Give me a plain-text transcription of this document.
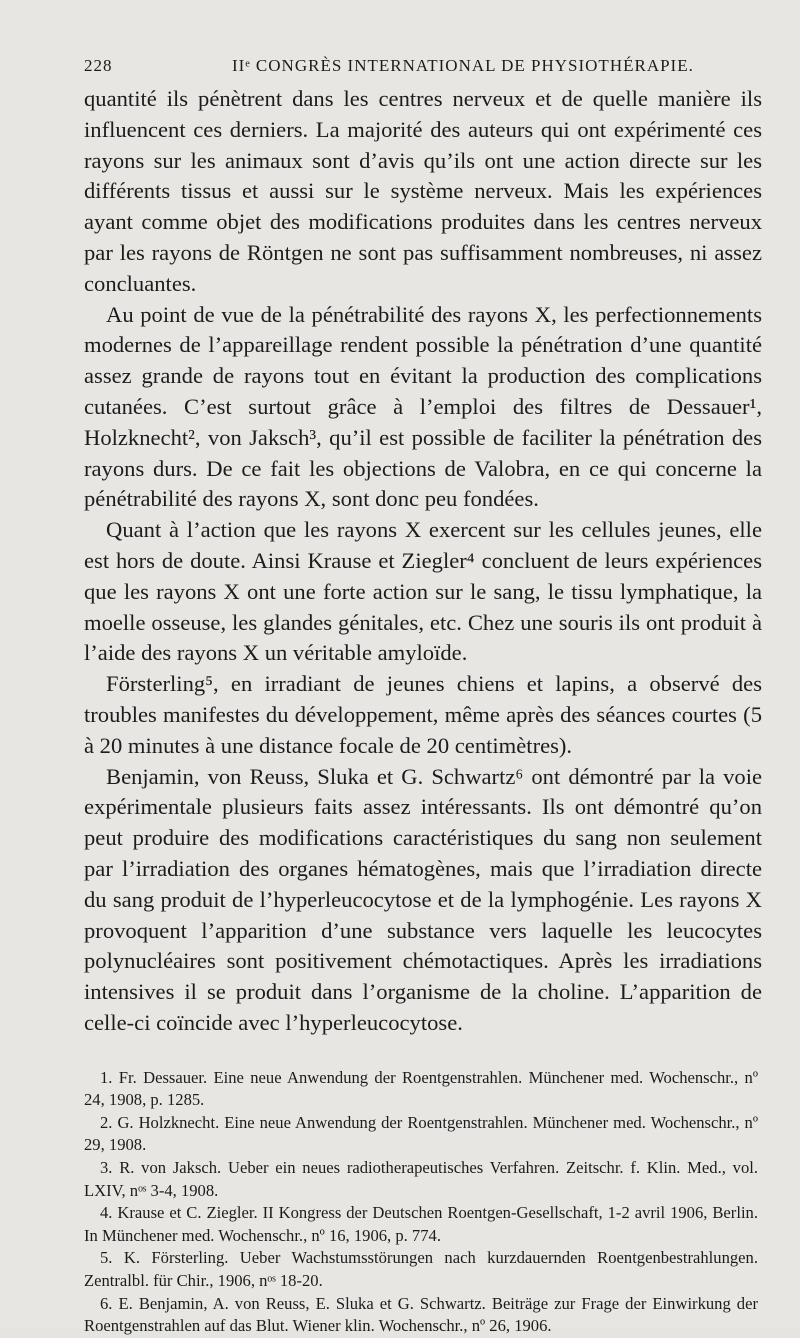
228	IIᵉ CONGRÈS INTERNATIONAL DE PHYSIOTHÉRAPIE.

quantité ils pénètrent dans les centres nerveux et de quelle manière ils influencent ces derniers. La majorité des auteurs qui ont expérimenté ces rayons sur les animaux sont d’avis qu’ils ont une action directe sur les différents tissus et aussi sur le système nerveux. Mais les expériences ayant comme objet des modifications produites dans les centres nerveux par les rayons de Röntgen ne sont pas suffisamment nombreuses, ni assez concluantes.

Au point de vue de la pénétrabilité des rayons X, les perfectionnements modernes de l’appareillage rendent possible la pénétration d’une quantité assez grande de rayons tout en évitant la production des complications cutanées. C’est surtout grâce à l’emploi des filtres de Dessauer¹, Holzknecht², von Jaksch³, qu’il est possible de faciliter la pénétration des rayons durs. De ce fait les objections de Valobra, en ce qui concerne la pénétrabilité des rayons X, sont donc peu fondées.

Quant à l’action que les rayons X exercent sur les cellules jeunes, elle est hors de doute. Ainsi Krause et Ziegler⁴ concluent de leurs expériences que les rayons X ont une forte action sur le sang, le tissu lymphatique, la moelle osseuse, les glandes génitales, etc. Chez une souris ils ont produit à l’aide des rayons X un véritable amyloïde.

Försterling⁵, en irradiant de jeunes chiens et lapins, a observé des troubles manifestes du développement, même après des séances courtes (5 à 20 minutes à une distance focale de 20 centimètres).

Benjamin, von Reuss, Sluka et G. Schwartz⁶ ont démontré par la voie expérimentale plusieurs faits assez intéressants. Ils ont démontré qu’on peut produire des modifications caractéristiques du sang non seulement par l’irradiation des organes hématogènes, mais que l’irradiation directe du sang produit de l’hyperleucocytose et de la lymphogénie. Les rayons X provoquent l’apparition d’une substance vers laquelle les leucocytes polynucléaires sont positivement chémotactiques. Après les irradiations intensives il se produit dans l’organisme de la choline. L’apparition de celle-ci coïncide avec l’hyperleucocytose.

1. Fr. Dessauer. Eine neue Anwendung der Roentgenstrahlen. Münchener med. Wochenschr., nº 24, 1908, p. 1285.

2. G. Holzknecht. Eine neue Anwendung der Roentgenstrahlen. Münchener med. Wochenschr., nº 29, 1908.

3. R. von Jaksch. Ueber ein neues radiotherapeutisches Verfahren. Zeitschr. f. Klin. Med., vol. LXIV, nᵒˢ 3-4, 1908.

4. Krause et C. Ziegler. II Kongress der Deutschen Roentgen-Gesellschaft, 1-2 avril 1906, Berlin. In Münchener med. Wochenschr., nº 16, 1906, p. 774.

5. K. Försterling. Ueber Wachstumsstörungen nach kurzdauernden Roentgenbestrahlungen. Zentralbl. für Chir., 1906, nᵒˢ 18-20.

6. E. Benjamin, A. von Reuss, E. Sluka et G. Schwartz. Beiträge zur Frage der Einwirkung der Roentgenstrahlen auf das Blut. Wiener klin. Wochenschr., nº 26, 1906.
